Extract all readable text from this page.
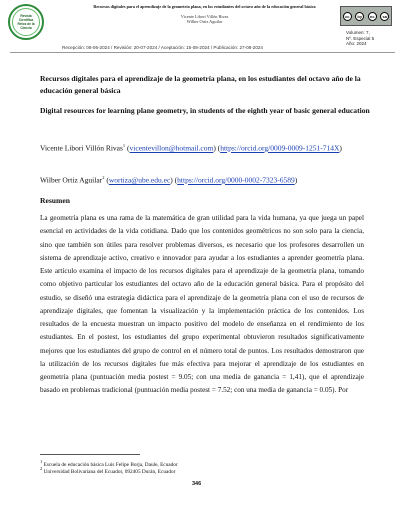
Revista
Científica
Retos de la
Ciencia
Recursos digitales para el aprendizaje de la geometría plana, en los estudiantes del octavo año de la educación general básica
Vicente Libori Villón Rivas
Wilber Ortiz Aguilar
cc	by	nc	sa
Volumen: 7,
Nº. Especial 5
Año: 2024
Recepción: 06-06-2024 / Revisión: 20-07-2024 / Aceptación: 15-08-2024 / Publicación: 27-08-2024
Recursos digitales para el aprendizaje de la geometría plana, en los estudiantes del octavo año de la educación general básica
Digital resources for learning plane geometry, in students of the eighth year of basic general education
Vicente Libori Villón Rivas$^1$ (vicentevillon@hotmail.com) (https://orcid.org/0009-0009-1251-714X)
Wilber Ortiz Aguilar$^2$ (wortiza@ube.edu.ec) (https://orcid.org/0000-0002-7323-6589)
Resumen
La geometría plana es una rama de la matemática de gran utilidad para la vida humana, ya que juega un papel esencial en actividades de la vida cotidiana. Dado que los contenidos geométricos no son solo para la ciencia, sino que también son útiles para resolver problemas diversos, es necesario que los profesores desarrollen un sistema de aprendizaje activo, creativo e innovador para ayudar a los estudiantes a aprender geometría plana. Este artículo examina el impacto de los recursos digitales para el aprendizaje de la geometría plana, tomando como objetivo particular los estudiantes del octavo año de la educación general básica. Para el propósito del estudio, se diseñó una estrategia didáctica para el aprendizaje de la geometría plana con el uso de recursos de aprendizaje digitales, que fomentan la visualización y la implementación práctica de los contenidos. Los resultados de la encuesta muestran un impacto positivo del modelo de enseñanza en el rendimiento de los estudiantes. En el postest, los estudiantes del grupo experimental obtuvieron resultados significativamente mejores que los estudiantes del grupo de control en el número total de puntos. Los resultados demostraron que la utilización de los recursos digitales fue más efectiva para mejorar el aprendizaje de los estudiantes en geometría plana (puntuación media postest = 9.05; con una media de ganancia = 1,41), que el aprendizaje basado en problemas tradicional (puntuación media postest = 7.52; con una media de ganancia = 0.05). Por
$^1$ Escuela de educación básica Luis Felipe Borja, Daule, Ecuador
$^2$ Universidad Bolivariana del Ecuador, 092405 Durán, Ecuador
346
